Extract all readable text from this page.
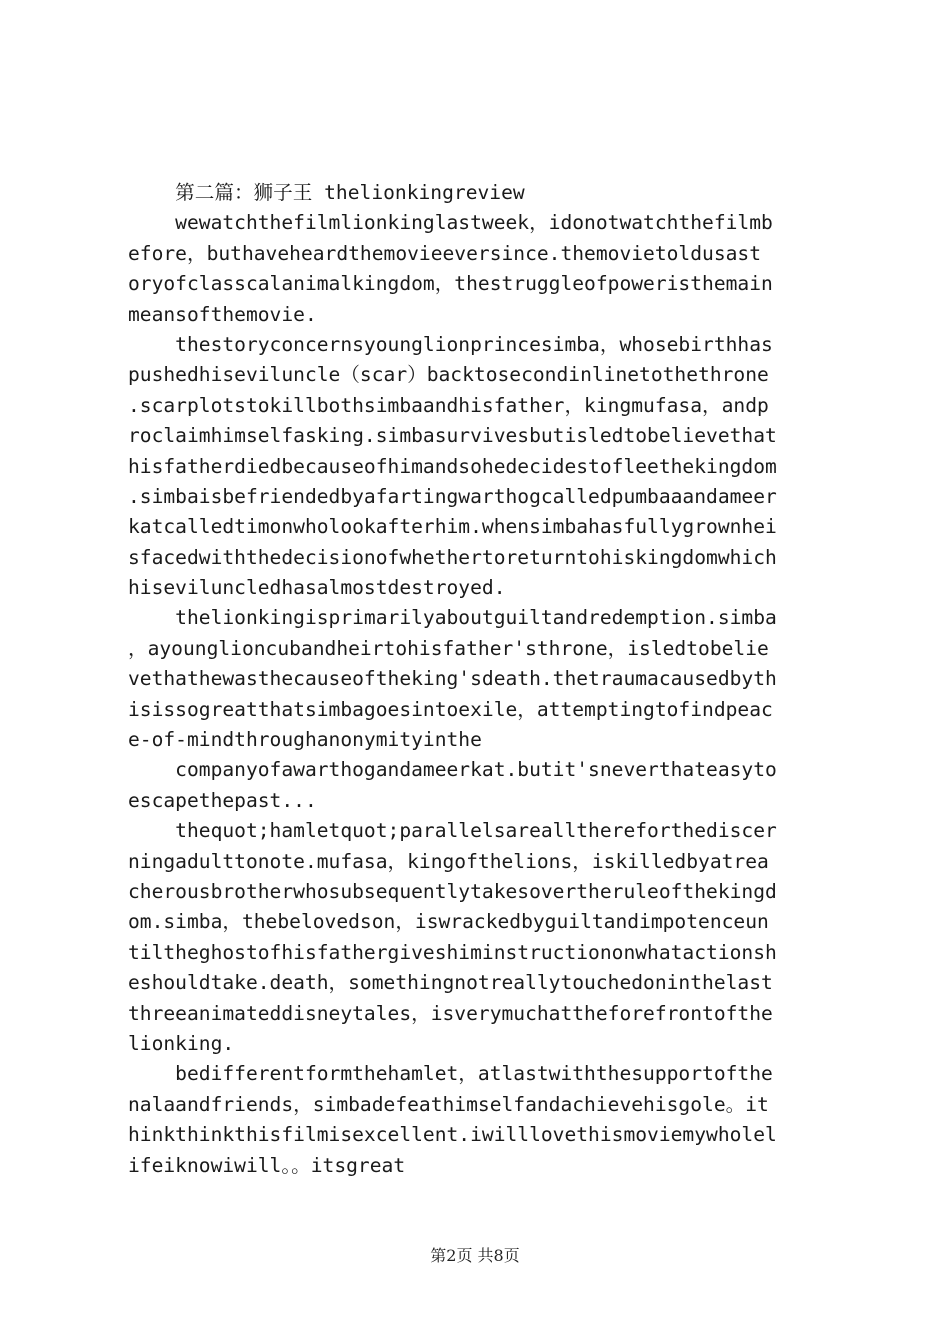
第二篇：狮子王 thelionkingreview
wewatchthefilmlionkinglastweek，idonotwatchthefilmb
efore，buthaveheardthemovieeversince.themovietoldusast
oryofclasscalanimalkingdom，thestruggleofpoweristhemain
meansofthemovie.
thestoryconcernsyounglionprincesimba，whosebirthhas
pushedhiseviluncle（scar）backtosecondinlinetothethrone
.scarplotstokillbothsimbaandhisfather，kingmufasa，andp
roclaimhimselfasking.simbasurvivesbutisledtobelievethat
hisfatherdiedbecauseofhimandsohedecidestofleethekingdom
.simbaisbefriendedbyafartingwarthogcalledpumbaaandameer
katcalledtimonwholookafterhim.whensimbahasfullygrownhei
sfacedwiththedecisionofwhethertoreturntohiskingdomwhich
hiseviluncledhasalmostdestroyed.
thelionkingisprimarilyaboutguiltandredemption.simba
，ayounglioncubandheirtohisfather'sthrone，isledtobelie
vethathewasthecauseoftheking'sdeath.thetraumacausedbyth
isissogreatthatsimbagoesintoexile，attemptingtofindpeac
e-of-mindthroughanonymityinthe
companyofawarthogandameerkat.butit'sneverthateasyto
escapethepast...
thequot;hamletquot;parallelsareallthereforthediscer
ningadulttonote.mufasa，kingofthelions，iskilledbyatrea
cherousbrotherwhosubsequentlytakesovertheruleofthekingd
om.simba，thebelovedson，iswrackedbyguiltandimpotenceun
tiltheghostofhisfathergiveshiminstructiononwhatactionsh
eshouldtake.death，somethingnotreallytouchedoninthelast
threeanimateddisneytales，isverymuchattheforefrontofthe
lionking.
bedifferentformthehamlet，atlastwiththesupportofthe
nalaandfriends，simbadefeathimselfandachievehisgole。it
hinkthinkthisfilmisexcellent.iwilllovethismoviemywholel
ifeiknowiwill。。itsgreat
第2页 共8页
